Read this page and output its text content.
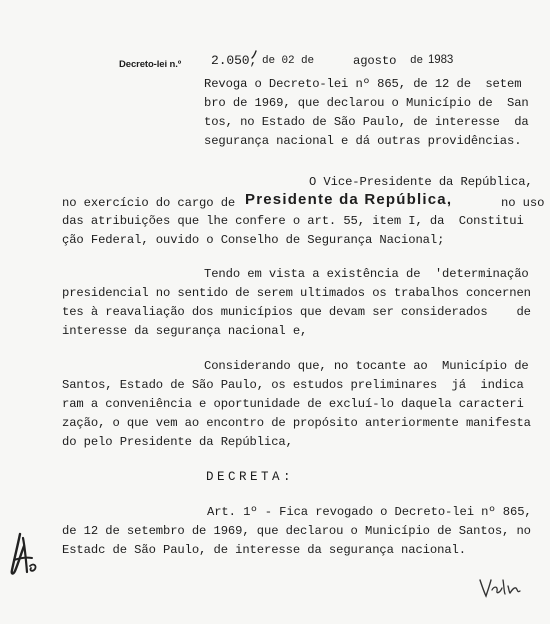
Decreto-lei n.º 2.050, de 02 de	agosto de 1983
Revoga o Decreto-lei nº 865, de 12 de  setem
bro de 1969, que declarou o Município de  San
tos, no Estado de São Paulo, de interesse  da
segurança nacional e dá outras providências.
O Vice-Presidente da República,
no exercício do cargo de Presidente da República,	no uso
das atribuições que lhe confere o art. 55, item I, da  Constitui
ção Federal, ouvido o Conselho de Segurança Nacional;
Tendo em vista a existência de  'determinação
presidencial no sentido de serem ultimados os trabalhos concernen
tes à reavaliação dos municípios que devam ser considerados    de
interesse da segurança nacional e,
Considerando que, no tocante ao  Município de
Santos, Estado de São Paulo, os estudos preliminares  já  indica
ram a conveniência e oportunidade de excluí-lo daquela caracteri
zação, o que vem ao encontro de propósito anteriormente manifesta
do pelo Presidente da República,
DECRETA:
Art. 1º - Fica revogado o Decreto-lei nº 865,
de 12 de setembro de 1969, que declarou o Município de Santos, no
Estadc de São Paulo, de interesse da segurança nacional.
